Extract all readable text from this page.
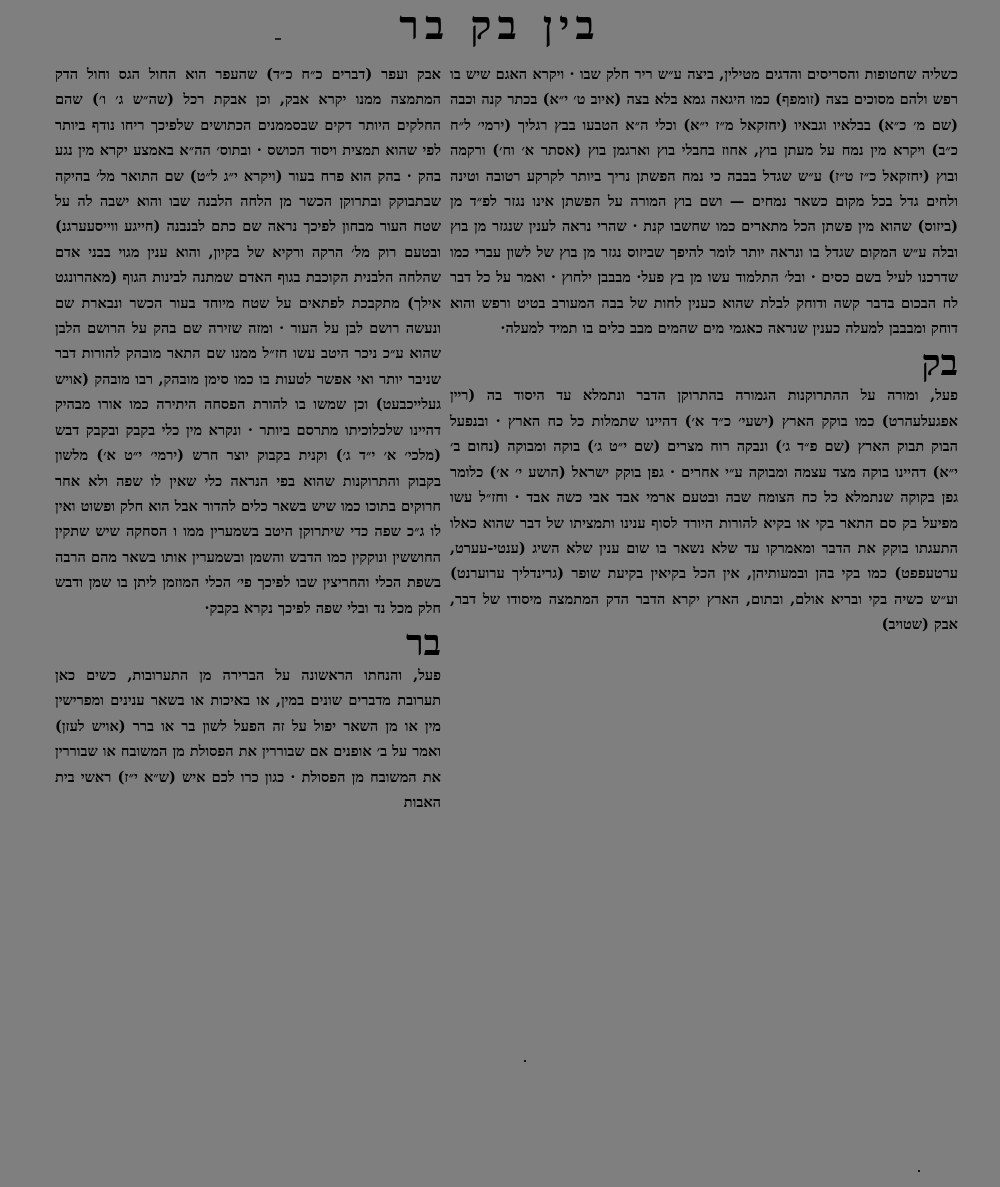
בין בק בר

כשליה שחטופות והסריסים והדגים מטילין, ביצה ע״ש ריר חלק שבו · ויקרא האגם שיש בו רפש ולהם מסוכים בצה (זומפף) כמו היגאה גמא בלא בצה (איוב ט׳ י״א) בכתר קנה וכבה (שם מ׳ כ״א) בבלאיו וגבאיו (יחזקאל מ״ז י״א) וכלי ה״א הטבעו בבץ רגליך (ירמי׳ ל״ח כ״ב) ויקרא מין נמח על מעתן בוץ, אחוז בחבלי בוץ וארגמן בוץ (אסתר א׳ וח׳) ורקמה ובוץ (יחזקאל כ״ז ט״ז) ע״ש שגדל בבבה כי נמח הפשתן נריך ביותר לקרקע רטובה וטינה ולחים גדל בכל מקום כשאר נמחים — ושם בוץ המורה על הפשתן אינו נגזר לפ״ד מן (ביזוס) שהוא מין פשתן הכל מתארים כמו שחשבו קנת · שהרי נראה לענין שנגזר מן בוץ ובלה ע״ש המקום שגדל בו ונראה יותר לומר להיפך שביזוס נגזר מן בוץ של לשון עברי כמו שדרכנו לעיל בשם כסים · ובל׳ התלמוד עשו מן בץ פעל· מבבבן ילחוץ · ואמר על כל דבר לח הבכום בדבר קשה ודוחק לבלת שהוא כענין לחות של בבה המעורב בטיט ורפש והוא דוחק ומבבבן למעלה כענין שנראה כאגמי מים שהמים מבב כלים בו תמיד למעלה·

בק

פעל, ומורה על ההתרוקנות הגמורה בהתרוקן הדבר ונתמלא עד היסוד בה (ריין אפגעלעהרט) כמו בוקק הארץ (ישעי׳ כ״ד א׳) דהיינו שתמלות כל כח הארץ · ובנפעל הבוק תבוק הארץ (שם פ״ד ג׳) ונבקה רוח מצרים (שם י״ט ג׳) בוקה ומבוקה (נחום ב׳ י״א) דהיינו בוקה מצד עצמה ומבוקה ע״י אחרים · גפן בוקק ישראל (הושע י׳ א׳) כלומר גפן בקוקה שנתמלא כל כח הצומח שבה ובטעם ארמי אבד אבי כשה אבד · וחז״ל עשו מפיעל בק סם התאר בקי או בקיא להורות היורד לסוף ענינו ותמציתו של דבר שהוא כאלו התעגתו בוקק את הדבר ומאמרקו עד שלא נשאר בו שום ענין שלא השיג (ענטי-עערט, ערטעפפט) כמו בקי בהן ובמעותיהן, אין הכל בקיאין בקיעת שופר (גרינדליך ערוערנט) וע״ש כשיה בקי ובריא אולם, ובתום, הארץ יקרא הדבר הדק המתמצה מיסודו של דבר, אבק (שטויב)

אבק ועפר (דברים כ״ח כ״ד) שהעפר הוא החול הגס וחול הדק המתמצה ממנו יקרא אבק, וכן אבקת רכל (שה״ש ג׳ ו׳) שהם החלקים היותר דקים שבסממנים הכתושים שלפיכך ריחו נודף ביותר לפי שהוא תמצית ויסוד הכושס · ובתוס׳ הה״א באמצע יקרא מין נגע בהק · בהק הוא פרח בעור (ויקרא י״ג ל״ט) שם התואר מל׳ בהיקה שבתבוקק ובתרוקן הכשר מן הלחה הלבנה שבו והוא ישבה לה על שטח העור מבחון לפיכך נראה שם כתם לבנבנה (חייגע ווייסעערגנ) ובטעם רוק מל׳ הרקה ורקיא של בקיון, והוא ענין מגוי בבני אדם שהלחה הלבנית הקוכבת בגוף האדם שמתנה לבינות הגוף (מאהרונגט אילך) מתקבכת לפתאים על שטח מיוחד בעור הכשר ונבארת שם ונעשה רושם לבן על העור · ומזה שזירה שם בהק על הרושם הלבן שהוא ע״כ ניכר היטב עשו חז״ל ממנו שם התאר מובהק להורות דבר שניבר יותר ואי אפשר לטעות בו כמו סימן מובהק, רבו מובהק (אויש געלייכבעט) וכן שמשו בו להורת הפסחה היתירה כמו אורו מבהיק דהיינו שלכלוכיתו מתרסם ביותר · ונקרא מין כלי בקבק ובקבק דבש (מלכי׳ א׳ י״ד ג׳) וקנית בקבוק יוצר חרש (ירמי׳ י״ט א׳) מלשון בקבוק והתרוקנות שהוא בפי הנראה כלי שאין לו שפה ולא אחר חרוקים בתוכו כמו שיש בשאר כלים להדור אבל הוא חלק ופשוט ואין לו ג״כ שפה כדי שיתרוקן היטב בשמערין ממו ו הסחקה שיש שתקין החוששין ונוקקין כמו הדבש והשמן ובשמערין אותו בשאר מהם הרבה בשפת הכלי והחריצין שבו לפיכך פי׳ הכלי המוזמן ליתן בו שמן ודבש חלק מכל נד ובלי שפה לפיכך נקרא בקבק·

בר

פעל, והנחתו הראשונה על הברירה מן התערובות, כשים כאן תערובת מדברים שונים במין, או באיכות או בשאר ענינים ומפרישין מין או מן השאר יפול על זה הפעל לשון בר או ברר (אויש לעזן) ואמר על ב׳ אופנים אם שבוררין את הפסולת מן המשובח או שבוררין את המשובח מן הפסולת · כגון כרו לכם איש (ש״א י״ז) ראשי בית האבות
